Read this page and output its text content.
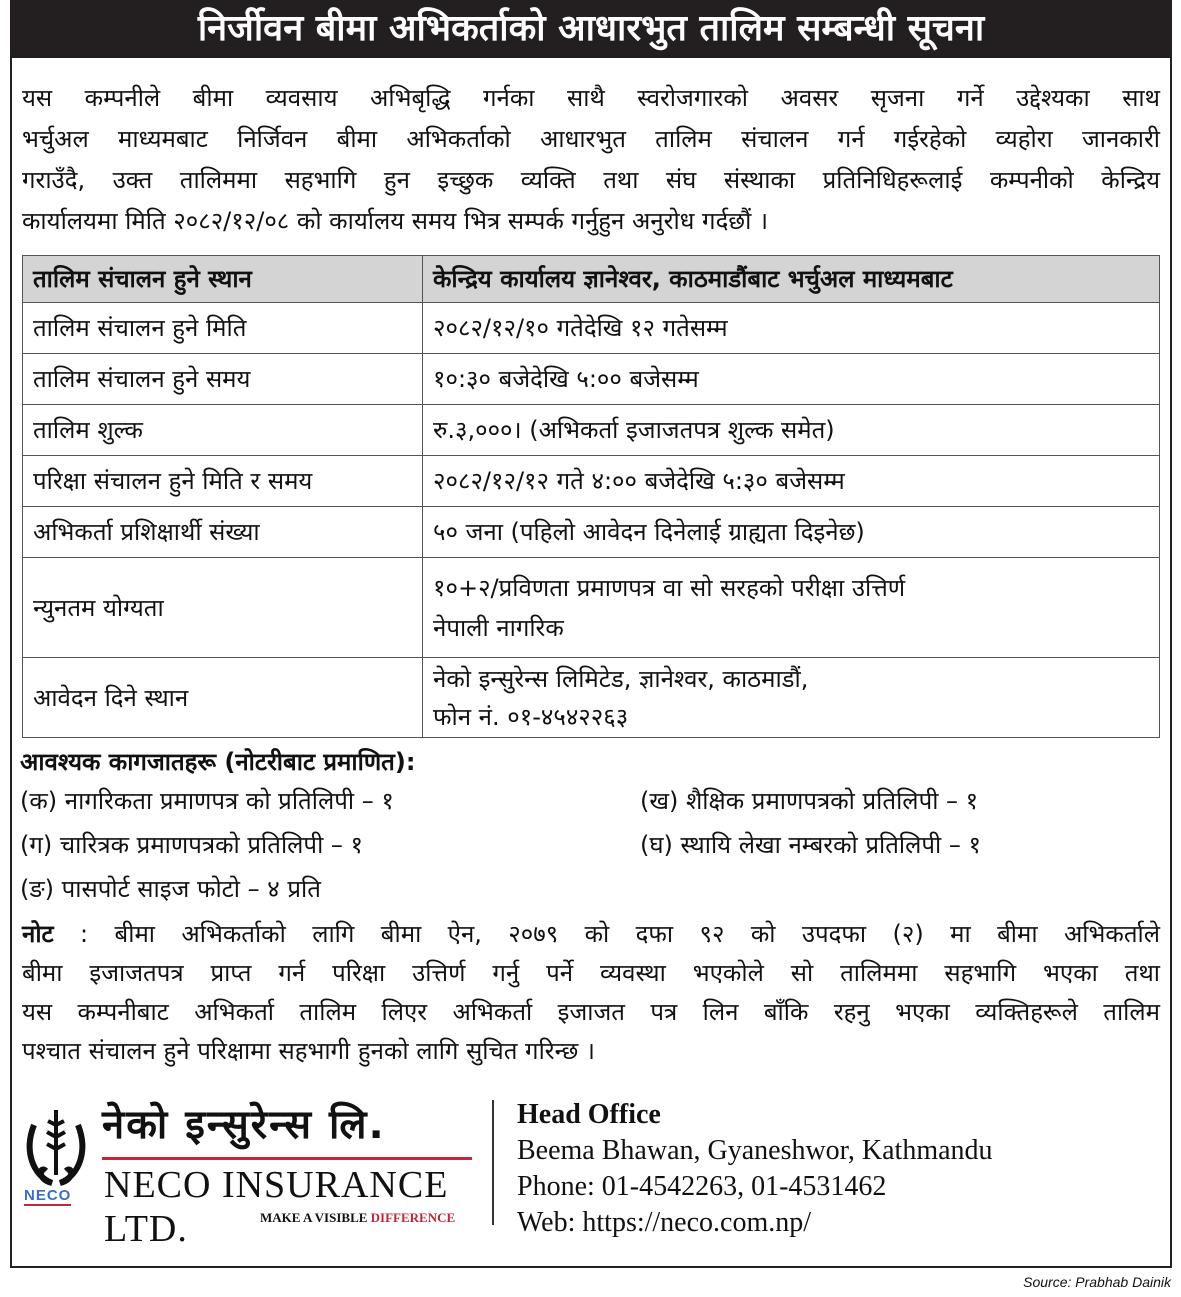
निर्जीवन बीमा अभिकर्ताको आधारभुत तालिम सम्बन्धी सूचना
यस कम्पनीले बीमा व्यवसाय अभिबृद्धि गर्नका साथै स्वरोजगारको अवसर सृजना गर्ने उद्देश्यका साथ
भर्चुअल माध्यमबाट निर्जिवन बीमा अभिकर्ताको आधारभुत तालिम संचालन गर्न गईरहेको व्यहोरा जानकारी
गराउँदै, उक्त तालिममा सहभागि हुन इच्छुक व्यक्ति तथा संघ संस्थाका प्रतिनिधिहरूलाई कम्पनीको केन्द्रिय
कार्यालयमा मिति २०८२/१२/०८ को कार्यालय समय भित्र सम्पर्क गर्नुहुन अनुरोध गर्दछौं ।
तालिम संचालन हुने स्थान	केन्द्रिय कार्यालय ज्ञानेश्वर, काठमाडौंबाट भर्चुअल माध्यमबाट
तालिम संचालन हुने मिति	२०८२/१२/१० गतेदेखि १२ गतेसम्म
तालिम संचालन हुने समय	१०:३० बजेदेखि ५:०० बजेसम्म
तालिम शुल्क	रु.३,०००। (अभिकर्ता इजाजतपत्र शुल्क समेत)
परिक्षा संचालन हुने मिति र समय	२०८२/१२/१२ गते ४:०० बजेदेखि ५:३० बजेसम्म
अभिकर्ता प्रशिक्षार्थी संख्या	५० जना (पहिलो आवेदन दिनेलाई ग्राह्यता दिइनेछ)
न्युनतम योग्यता	१०+२/प्रविणता प्रमाणपत्र वा सो सरहको परीक्षा उत्तिर्ण
नेपाली नागरिक

आवेदन दिने स्थान	नेको इन्सुरेन्स लिमिटेड, ज्ञानेश्वर, काठमाडौं,
फोन नं. ०१-४५४२२६३
आवश्यक कागजातहरू (नोटरीबाट प्रमाणित):
(क) नागरिकता प्रमाणपत्र को प्रतिलिपी – १	(ख) शैक्षिक प्रमाणपत्रको प्रतिलिपी – १
(ग) चारित्रक प्रमाणपत्रको प्रतिलिपी – १	(घ) स्थायि लेखा नम्बरको प्रतिलिपी – १
(ङ) पासपोर्ट साइज फोटो – ४ प्रति
नोट : बीमा अभिकर्ताको लागि बीमा ऐन, २०७९ को दफा ९२ को उपदफा (२) मा बीमा अभिकर्ताले
बीमा इजाजतपत्र प्राप्त गर्न परिक्षा उत्तिर्ण गर्नु पर्ने व्यवस्था भएकोले सो तालिममा सहभागि भएका तथा
यस कम्पनीबाट अभिकर्ता तालिम लिएर अभिकर्ता इजाजत पत्र लिन बाँकि रहनु भएका व्यक्तिहरूले तालिम
पश्चात संचालन हुने परिक्षामा सहभागी हुनको लागि सुचित गरिन्छ ।
NECO
नेको इन्सुरेन्स लि.
NECO INSURANCE LTD.	MAKE A VISIBLE DIFFERENCE
Head Office
Beema Bhawan, Gyaneshwor, Kathmandu
Phone: 01-4542263, 01-4531462
Web: https://neco.com.np/
Source: Prabhab Dainik
